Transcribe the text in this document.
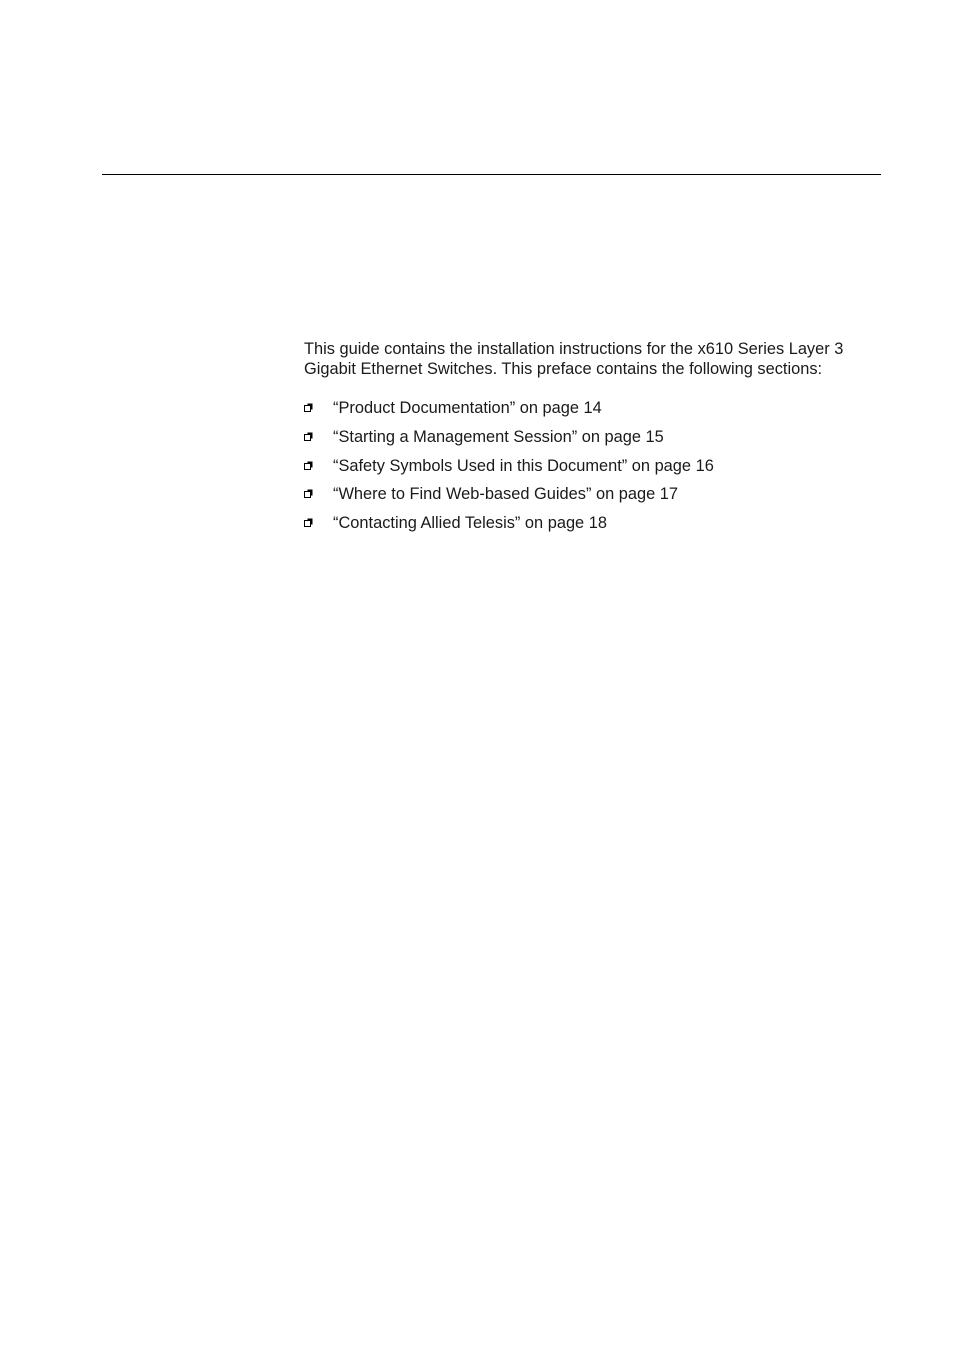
This guide contains the installation instructions for the x610 Series Layer 3
Gigabit Ethernet Switches. This preface contains the following sections:

“Product Documentation” on page 14
“Starting a Management Session” on page 15
“Safety Symbols Used in this Document” on page 16
“Where to Find Web-based Guides” on page 17
“Contacting Allied Telesis” on page 18
